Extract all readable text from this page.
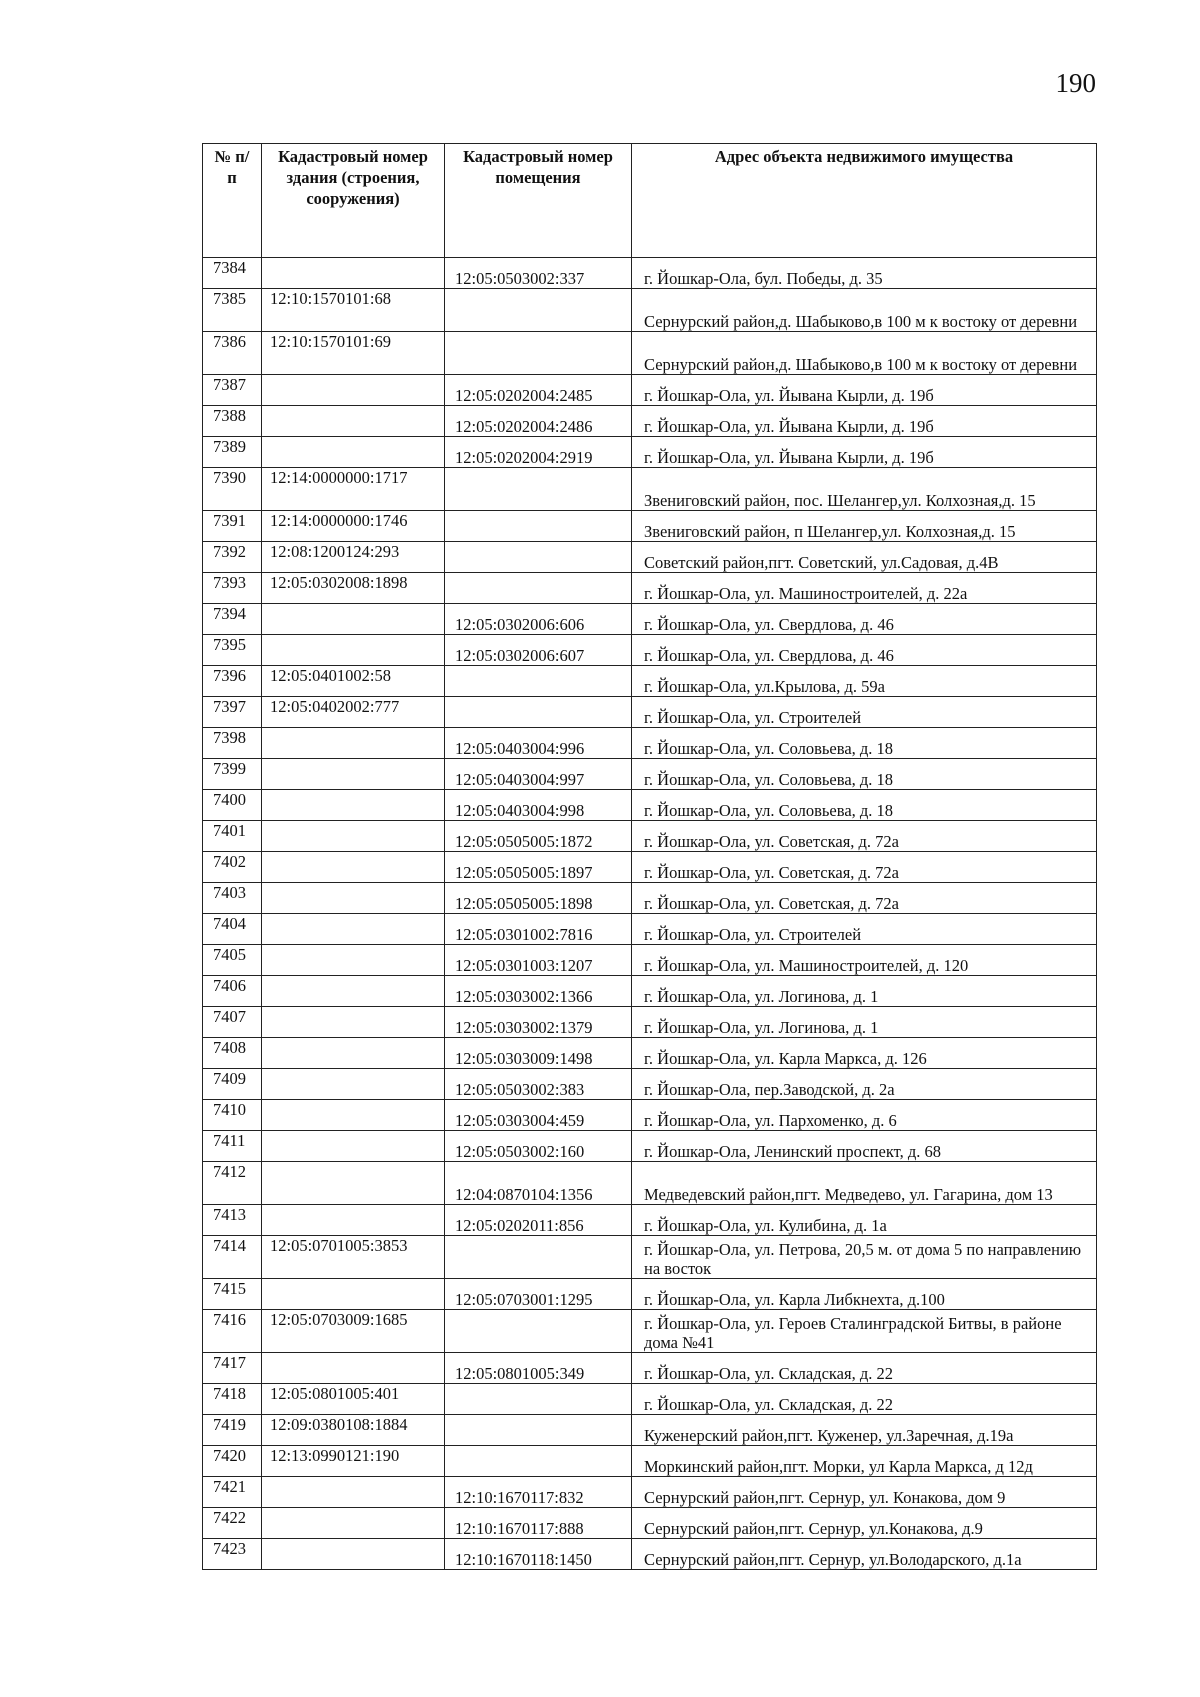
190
№ п/п	Кадастровый номер здания (строения, сооружения)	Кадастровый номер помещения	Адрес объекта недвижимого имущества
7384		12:05:0503002:337	г. Йошкар-Ола, бул. Победы, д. 35
7385	12:10:1570101:68		Сернурский район,д. Шабыково,в 100 м к востоку от деревни
7386	12:10:1570101:69		Сернурский район,д. Шабыково,в 100 м к востоку от деревни
7387		12:05:0202004:2485	г. Йошкар-Ола, ул. Йывана Кырли, д. 19б
7388		12:05:0202004:2486	г. Йошкар-Ола, ул. Йывана Кырли, д. 19б
7389		12:05:0202004:2919	г. Йошкар-Ола, ул. Йывана Кырли, д. 19б
7390	12:14:0000000:1717		Звениговский район, пос. Шелангер,ул. Колхозная,д. 15
7391	12:14:0000000:1746		Звениговский район, п Шелангер,ул. Колхозная,д. 15
7392	12:08:1200124:293		Советский район,пгт. Советский, ул.Садовая, д.4В
7393	12:05:0302008:1898		г. Йошкар-Ола, ул. Машиностроителей, д. 22а
7394		12:05:0302006:606	г. Йошкар-Ола, ул. Свердлова, д. 46
7395		12:05:0302006:607	г. Йошкар-Ола, ул. Свердлова, д. 46
7396	12:05:0401002:58		г. Йошкар-Ола, ул.Крылова, д. 59а
7397	12:05:0402002:777		г. Йошкар-Ола, ул. Строителей
7398		12:05:0403004:996	г. Йошкар-Ола, ул. Соловьева, д. 18
7399		12:05:0403004:997	г. Йошкар-Ола, ул. Соловьева, д. 18
7400		12:05:0403004:998	г. Йошкар-Ола, ул. Соловьева, д. 18
7401		12:05:0505005:1872	г. Йошкар-Ола, ул. Советская, д. 72а
7402		12:05:0505005:1897	г. Йошкар-Ола, ул. Советская, д. 72а
7403		12:05:0505005:1898	г. Йошкар-Ола, ул. Советская, д. 72а
7404		12:05:0301002:7816	г. Йошкар-Ола, ул. Строителей
7405		12:05:0301003:1207	г. Йошкар-Ола, ул. Машиностроителей, д. 120
7406		12:05:0303002:1366	г. Йошкар-Ола, ул. Логинова, д. 1
7407		12:05:0303002:1379	г. Йошкар-Ола, ул. Логинова, д. 1
7408		12:05:0303009:1498	г. Йошкар-Ола, ул. Карла Маркса, д. 126
7409		12:05:0503002:383	г. Йошкар-Ола, пер.Заводской, д. 2а
7410		12:05:0303004:459	г. Йошкар-Ола, ул. Пархоменко, д. 6
7411		12:05:0503002:160	г. Йошкар-Ола, Ленинский проспект, д. 68
7412		12:04:0870104:1356	Медведевский район,пгт. Медведево, ул. Гагарина, дом 13
7413		12:05:0202011:856	г. Йошкар-Ола, ул. Кулибина, д. 1а
7414	12:05:0701005:3853		г. Йошкар-Ола, ул. Петрова, 20,5 м. от дома 5 по направлению на восток
7415		12:05:0703001:1295	г. Йошкар-Ола, ул. Карла Либкнехта, д.100
7416	12:05:0703009:1685		г. Йошкар-Ола, ул. Героев Сталинградской Битвы, в районе дома №41
7417		12:05:0801005:349	г. Йошкар-Ола, ул. Складская, д. 22
7418	12:05:0801005:401		г. Йошкар-Ола, ул. Складская, д. 22
7419	12:09:0380108:1884		Куженерский район,пгт. Куженер, ул.Заречная, д.19а
7420	12:13:0990121:190		Моркинский район,пгт. Морки, ул Карла Маркса, д 12д
7421		12:10:1670117:832	Сернурский район,пгт. Сернур, ул. Конакова, дом 9
7422		12:10:1670117:888	Сернурский район,пгт. Сернур, ул.Конакова, д.9
7423		12:10:1670118:1450	Сернурский район,пгт. Сернур, ул.Володарского, д.1а
